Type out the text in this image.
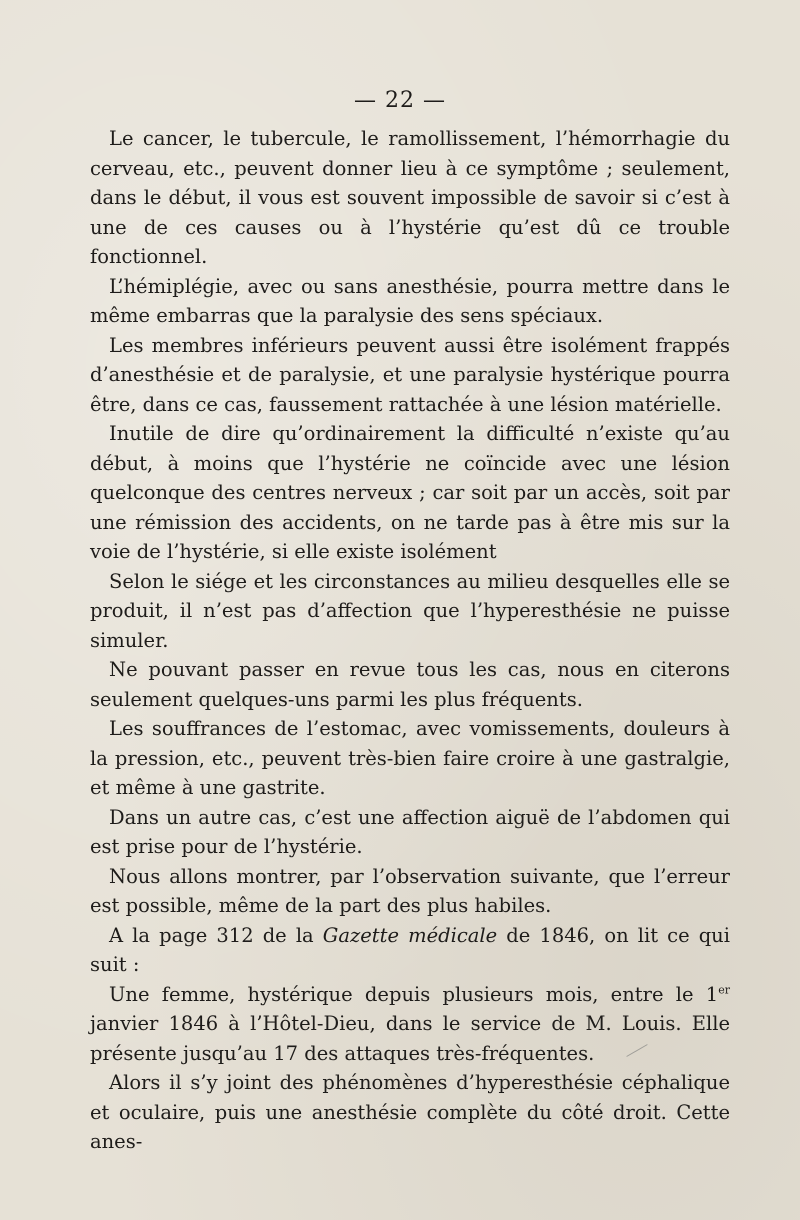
— 22 —

Le cancer, le tubercule, le ramollissement, l’hémorrhagie du cerveau, etc., peuvent donner lieu à ce symptôme ; seulement, dans le début, il vous est souvent impossible de savoir si c’est à une de ces causes ou à l’hystérie qu’est dû ce trouble fonctionnel.

L’hémiplégie, avec ou sans anesthésie, pourra mettre dans le même embarras que la paralysie des sens spéciaux.

Les membres inférieurs peuvent aussi être isolément frappés d’anesthésie et de paralysie, et une paralysie hystérique pourra être, dans ce cas, faussement rattachée à une lésion matérielle.

Inutile de dire qu’ordinairement la difficulté n’existe qu’au début, à moins que l’hystérie ne coïncide avec une lésion quelconque des centres nerveux ; car soit par un accès, soit par une rémission des accidents, on ne tarde pas à être mis sur la voie de l’hystérie, si elle existe isolément

Selon le siége et les circonstances au milieu desquelles elle se produit, il n’est pas d’affection que l’hyperesthésie ne puisse simuler.

Ne pouvant passer en revue tous les cas, nous en citerons seulement quelques-uns parmi les plus fréquents.

Les souffrances de l’estomac, avec vomissements, douleurs à la pression, etc., peuvent très-bien faire croire à une gastralgie, et même à une gastrite.

Dans un autre cas, c’est une affection aiguë de l’abdomen qui est prise pour de l’hystérie.

Nous allons montrer, par l’observation suivante, que l’erreur est possible, même de la part des plus habiles.

A la page 312 de la Gazette médicale de 1846, on lit ce qui suit :

Une femme, hystérique depuis plusieurs mois, entre le 1er janvier 1846 à l’Hôtel-Dieu, dans le service de M. Louis. Elle présente jusqu’au 17 des attaques très-fréquentes.

Alors il s’y joint des phénomènes d’hyperesthésie céphalique et oculaire, puis une anesthésie complète du côté droit. Cette anes-
